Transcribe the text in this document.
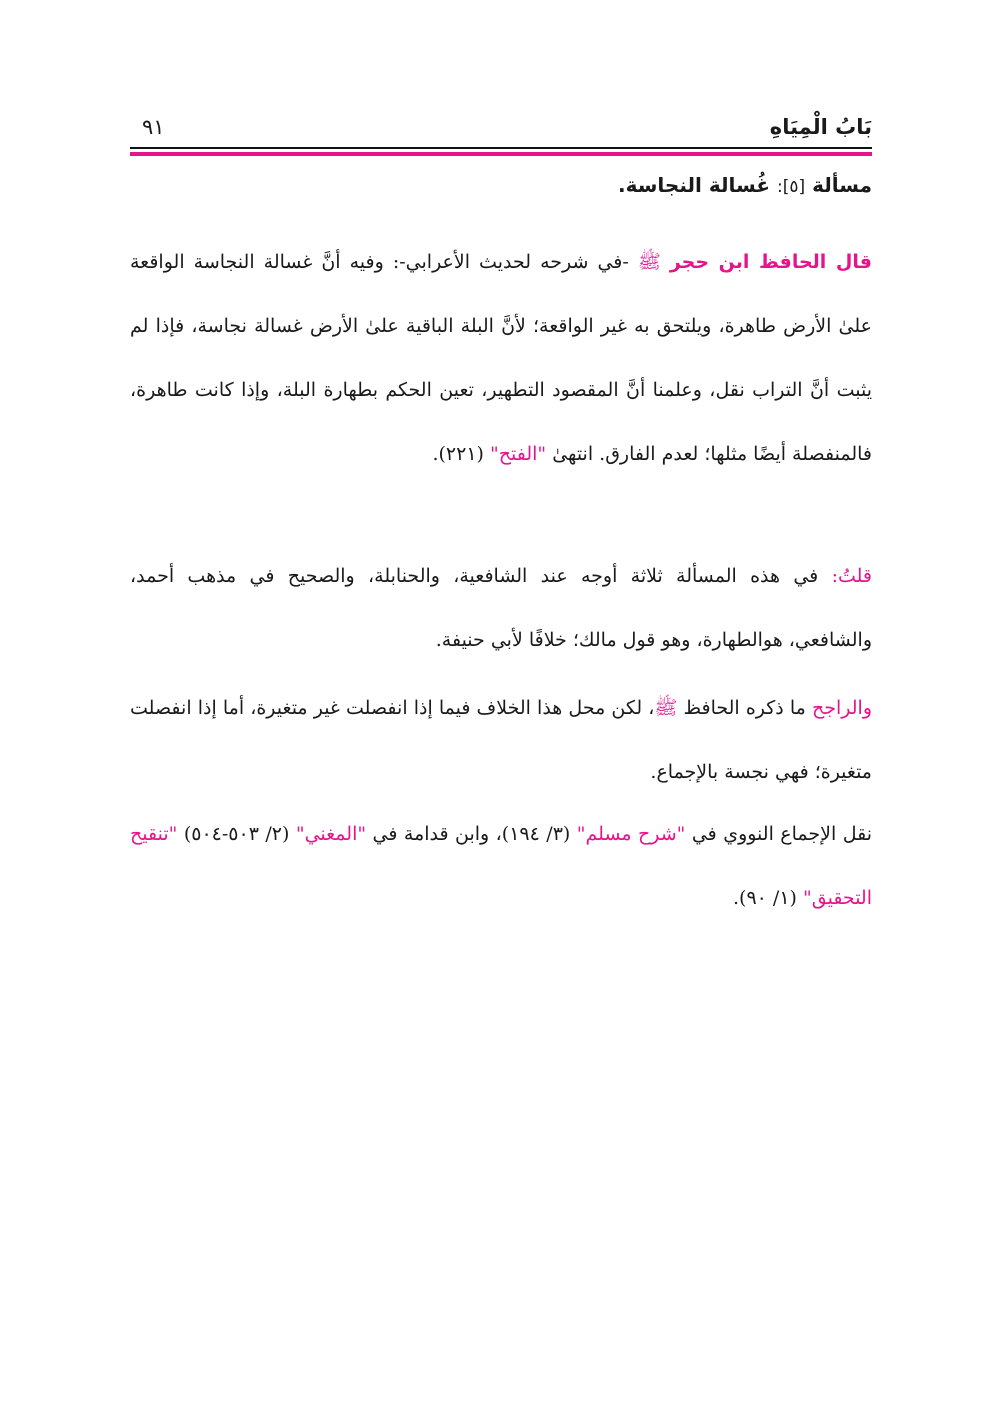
بَابُ الْمِيَاهِ
٩١
مسألة [٥]: غُسالة النجاسة.

قال الحافظ ابن حجر ﷺ -في شرحه لحديث الأعرابي-: وفيه أنَّ غسالة النجاسة الواقعة علىٰ الأرض طاهرة، ويلتحق به غير الواقعة؛ لأنَّ البلة الباقية علىٰ الأرض غسالة نجاسة، فإذا لم يثبت أنَّ التراب نقل، وعلمنا أنَّ المقصود التطهير، تعين الحكم بطهارة البلة، وإذا كانت طاهرة، فالمنفصلة أيضًا مثلها؛ لعدم الفارق. انتهىٰ "الفتح" (٢٢١).

قلتُ: في هذه المسألة ثلاثة أوجه عند الشافعية، والحنابلة، والصحيح في مذهب أحمد، والشافعي، هوالطهارة، وهو قول مالك؛ خلافًا لأبي حنيفة.

والراجح ما ذكره الحافظ ﷺ، لكن محل هذا الخلاف فيما إذا انفصلت غير متغيرة، أما إذا انفصلت متغيرة؛ فهي نجسة بالإجماع.

نقل الإجماع النووي في "شرح مسلم" (٣/ ١٩٤)، وابن قدامة في "المغني" (٢/ ٥٠٣-٥٠٤) "تنقيح التحقيق" (١/ ٩٠).
